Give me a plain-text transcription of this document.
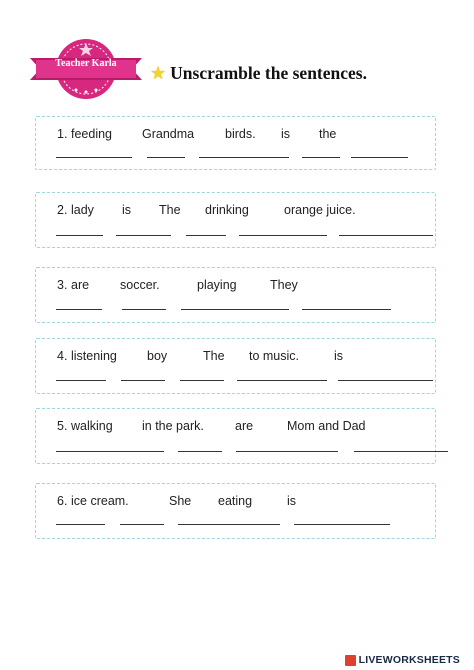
Teacher Karla	★ Unscramble the sentences.
1. feeding Grandma birds. is the
2. lady is The drinking	orange juice.
3. are soccer.	playing	They
4. listening boy	The to music.	is
5. walking in the park. are	Mom and Dad
6. ice cream.	She eating	is
LIVEWORKSHEETS
